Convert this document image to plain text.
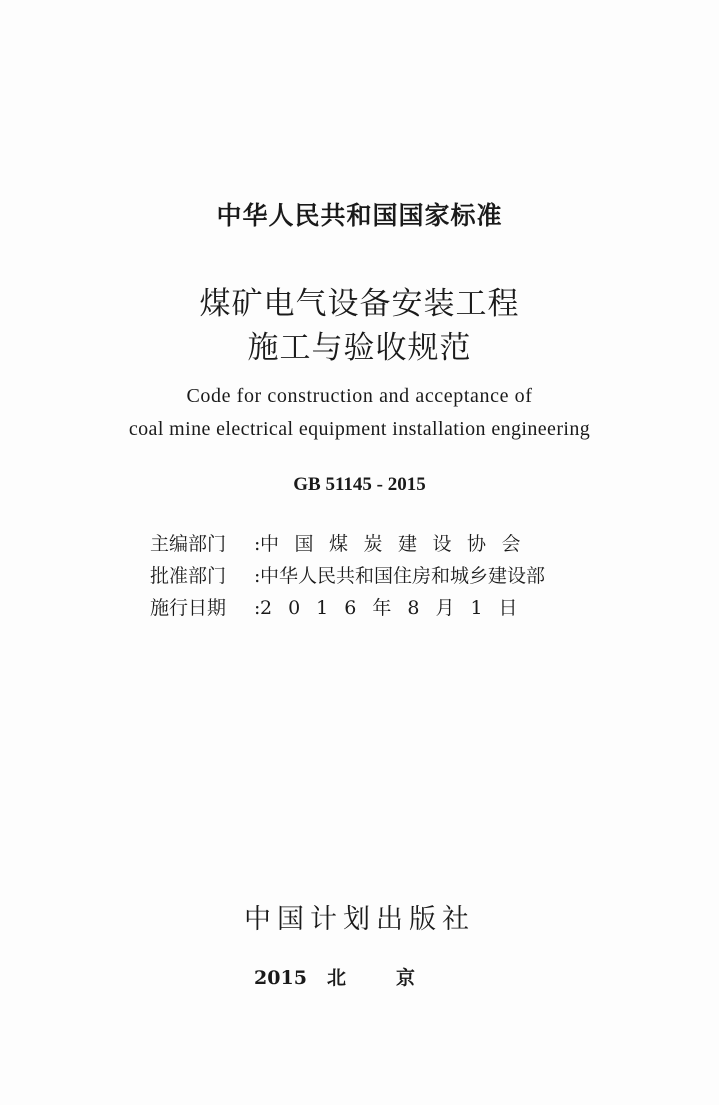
中华人民共和国国家标准
煤矿电气设备安装工程
施工与验收规范
Code for construction and acceptance of
coal mine electrical equipment installation engineering
GB 51145 - 2015
主编部门 :中国煤炭建设协会
批准部门 :中华人民共和国住房和城乡建设部
施行日期 :2016年8月1日
中国计划出版社
2015 北京
